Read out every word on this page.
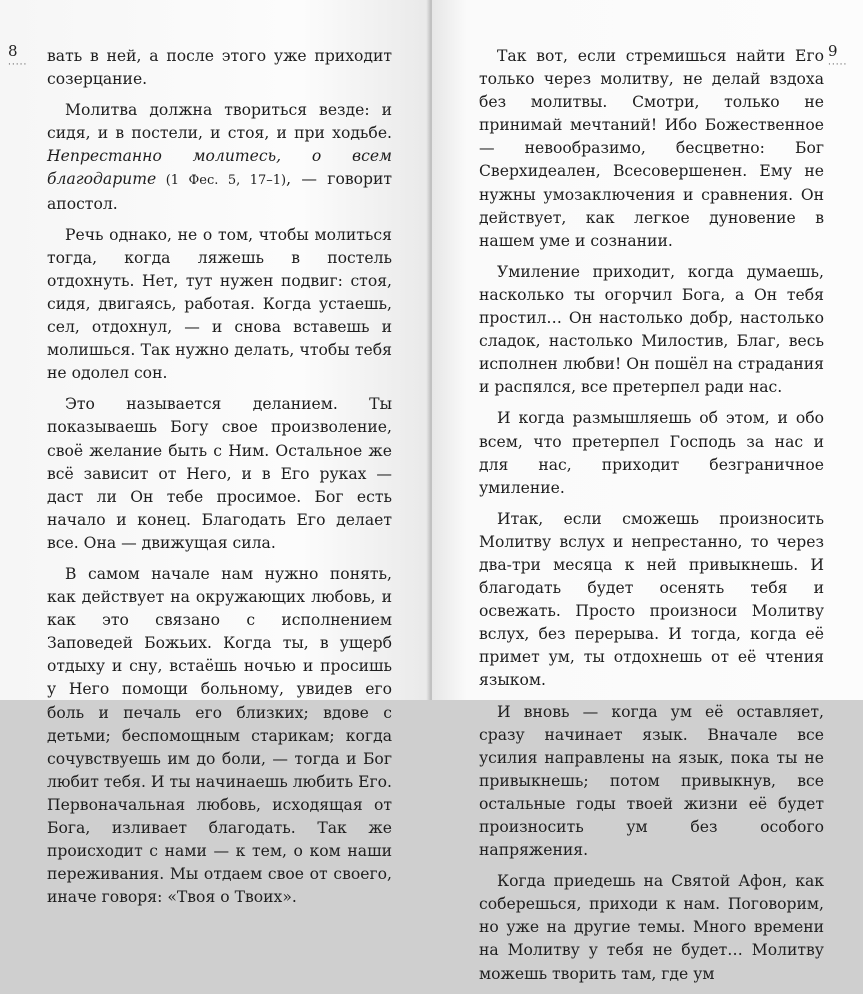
8
····· вать в ней, а после этого уже приходит созерцание.

Молитва должна твориться везде: и сидя, и в постели, и стоя, и при ходьбе. Непрестанно молитесь, о всем благодарите (1 Фес. 5, 17–1), — говорит апостол.

Речь однако, не о том, чтобы молиться тогда, когда ляжешь в постель отдохнуть. Нет, тут нужен подвиг: стоя, сидя, двигаясь, работая. Когда устаешь, сел, отдохнул, — и снова вставешь и молишься. Так нужно делать, чтобы тебя не одолел сон.

Это называется деланием. Ты показываешь Богу свое произволение, своё желание быть с Ним. Остальное же всё зависит от Него, и в Его руках — даст ли Он тебе просимое. Бог есть начало и конец. Благодать Его делает все. Она — движущая сила.

В самом начале нам нужно понять, как действует на окружающих любовь, и как это связано с исполнением Заповедей Божьих. Когда ты, в ущерб отдыху и сну, встаёшь ночью и просишь у Него помощи больному, увидев его боль и печаль его близких; вдове с детьми; беспомощным старикам; когда сочувствуешь им до боли, — тогда и Бог любит тебя. И ты начинаешь любить Его. Первоначальная любовь, исходящая от Бога, изливает благодать. Так же происходит с нами — к тем, о ком наши переживания. Мы отдаем свое от своего, иначе говоря: «Твоя о Твоих».

9
·····

Так вот, если стремишься найти Его только через молитву, не делай вздоха без молитвы. Смотри, только не принимай мечтаний! Ибо Божественное — невообразимо, бесцветно: Бог Сверхидеален, Всесовершенен. Ему не нужны умозаключения и сравнения. Он действует, как легкое дуновение в нашем уме и сознании.

Умиление приходит, когда думаешь, насколько ты огорчил Бога, а Он тебя простил… Он настолько добр, настолько сладок, настолько Милостив, Благ, весь исполнен любви! Он пошёл на страдания и распялся, все претерпел ради нас.

И когда размышляешь об этом, и обо всем, что претерпел Господь за нас и для нас, приходит безграничное умиление.

Итак, если сможешь произносить Молитву вслух и непрестанно, то через два-три месяца к ней привыкнешь. И благодать будет осенять тебя и освежать. Просто произноси Молитву вслух, без перерыва. И тогда, когда её примет ум, ты отдохнешь от её чтения языком.

И вновь — когда ум её оставляет, сразу начинает язык. Вначале все усилия направлены на язык, пока ты не привыкнешь; потом привыкнув, все остальные годы твоей жизни её будет произносить ум без особого напряжения.

Когда приедешь на Святой Афон, как соберешься, приходи к нам. Поговорим, но уже на другие темы. Много времени на Молитву у тебя не будет… Молитву можешь творить там, где ум
